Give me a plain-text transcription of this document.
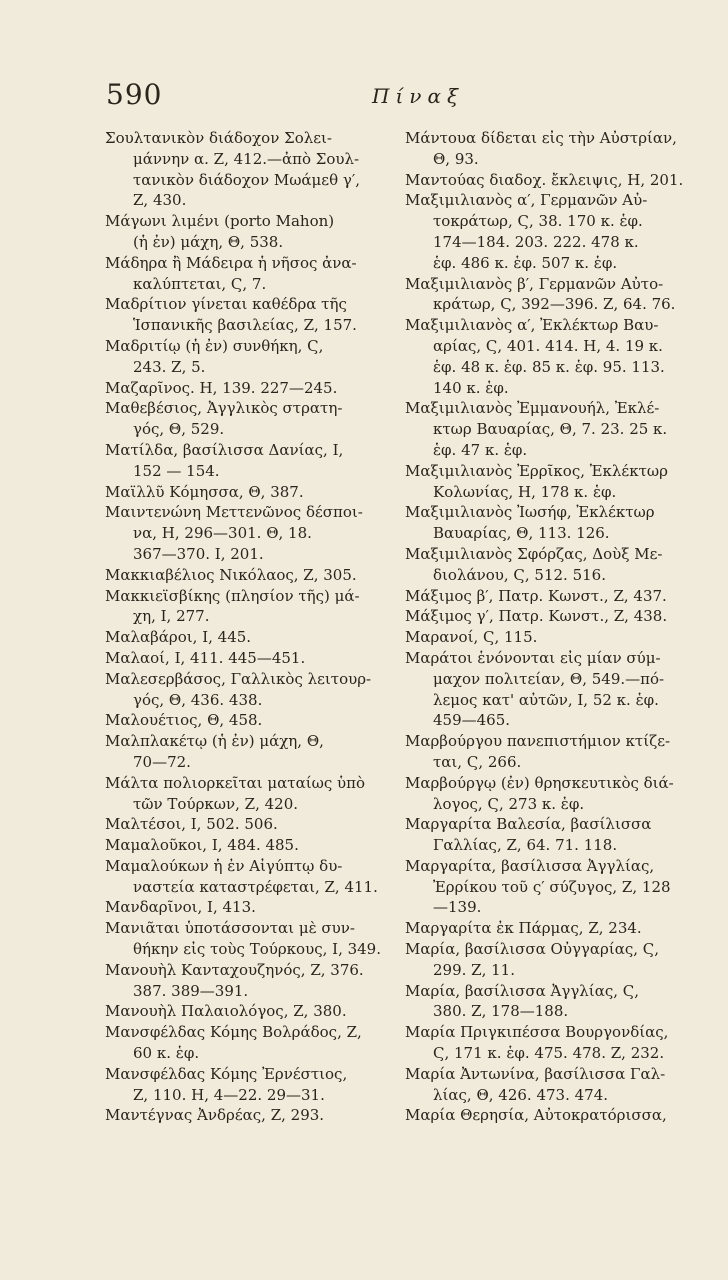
590	Πίναξ
Σουλτανικὸν διάδοχον Σολει-
μάννην α. Ζ, 412.—ἀπὸ Σουλ-
τανικὸν διάδοχον Μωάμεθ γ′,
Ζ, 430.
Μάγωνι λιμένι (porto Mahon)
(ἡ ἐν) μάχη, Θ, 538.
Μάδηρα ἢ Μάδειρα ἡ νῆσος ἀνα-
καλύπτεται, Ϛ, 7.
Μαδρίτιον γίνεται καθέδρα τῆς
Ἱσπανικῆς βασιλείας, Ζ, 157.
Μαδριτίῳ (ἡ ἐν) συνθήκη, Ϛ,
243. Ζ, 5.
Μαζαρῖνος. Η, 139. 227—245.
Μαθεβέσιος, Ἀγγλικὸς στρατη-
γός, Θ, 529.
Ματίλδα, βασίλισσα Δανίας, Ι,
152 — 154.
Μαϊλλῦ Κόμησσα, Θ, 387.
Μαιντενώνη Μεττενῶνος δέσποι-
να, Η, 296—301. Θ, 18.
367—370. Ι, 201.
Μακκιαβέλιος Νικόλαος, Ζ, 305.
Μακκιεϊσβίκης (πλησίον τῆς) μά-
χη, Ι, 277.
Μαλαβάροι, Ι, 445.
Μαλαοί, Ι, 411. 445—451.
Μαλεσερβάσος, Γαλλικὸς λειτουρ-
γός, Θ, 436. 438.
Μαλουέτιος, Θ, 458.
Μαλπλακέτῳ (ἡ ἐν) μάχη, Θ,
70—72.
Μάλτα πολιορκεῖται ματαίως ὑπὸ
τῶν Τούρκων, Ζ, 420.
Μαλτέσοι, Ι, 502. 506.
Μαμαλοῦκοι, Ι, 484. 485.
Μαμαλούκων ἡ ἐν Αἰγύπτῳ δυ-
ναστεία καταστρέφεται, Ζ, 411.
Μανδαρῖνοι, Ι, 413.
Μανιᾶται ὑποτάσσονται μὲ συν-
θήκην εἰς τοὺς Τούρκους, Ι, 349.
Μανουὴλ Κανταχουζηνός, Ζ, 376.
387. 389—391.
Μανουὴλ Παλαιολόγος, Ζ, 380.
Μανσφέλδας Κόμης Βολράδος, Ζ,
60 κ. ἑφ.
Μανσφέλδας Κόμης Ἐρνέστιος,
Ζ, 110. Η, 4—22. 29—31.
Μαντέγνας Ἀνδρέας, Ζ, 293.
Μάντουα δίδεται εἰς τὴν Αὐστρίαν,
Θ, 93.
Μαντούας διαδοχ. ἔκλειψις, Η, 201.
Μαξιμιλιανὸς α′, Γερμανῶν Αὐ-
τοκράτωρ, Ϛ, 38. 170 κ. ἑφ.
174—184. 203. 222. 478 κ.
ἑφ. 486 κ. ἑφ. 507 κ. ἑφ.
Μαξιμιλιανὸς β′, Γερμανῶν Αὐτο-
κράτωρ, Ϛ, 392—396. Ζ, 64. 76.
Μαξιμιλιανὸς α′, Ἐκλέκτωρ Βαυ-
αρίας, Ϛ, 401. 414. Η, 4. 19 κ.
ἑφ. 48 κ. ἑφ. 85 κ. ἑφ. 95. 113.
140 κ. ἑφ.
Μαξιμιλιανὸς Ἐμμανουήλ, Ἐκλέ-
κτωρ Βαυαρίας, Θ, 7. 23. 25 κ.
ἑφ. 47 κ. ἑφ.
Μαξιμιλιανὸς Ἐρρῖκος, Ἐκλέκτωρ
Κολωνίας, Η, 178 κ. ἑφ.
Μαξιμιλιανὸς Ἰωσήφ, Ἐκλέκτωρ
Βαυαρίας, Θ, 113. 126.
Μαξιμιλιανὸς Σφόρζας, Δοὺξ Με-
διολάνου, Ϛ, 512. 516.
Μάξιμος β′, Πατρ. Κωνστ., Ζ, 437.
Μάξιμος γ′, Πατρ. Κωνστ., Ζ, 438.
Μαρανοί, Ϛ, 115.
Μαράτοι ἑνόνονται εἰς μίαν σύμ-
μαχον πολιτείαν, Θ, 549.—πό-
λεμος κατ' αὐτῶν, Ι, 52 κ. ἑφ.
459—465.
Μαρβούργου πανεπιστήμιον κτίζε-
ται, Ϛ, 266.
Μαρβούργῳ (ἐν) θρησκευτικὸς διά-
λογος, Ϛ, 273 κ. ἑφ.
Μαργαρίτα Βαλεσία, βασίλισσα
Γαλλίας, Ζ, 64. 71. 118.
Μαργαρίτα, βασίλισσα Ἀγγλίας,
Ἐρρίκου τοῦ ς′ σύζυγος, Ζ, 128
—139.
Μαργαρίτα ἐκ Πάρμας, Ζ, 234.
Μαρία, βασίλισσα Οὐγγαρίας, Ϛ,
299. Ζ, 11.
Μαρία, βασίλισσα Ἀγγλίας, Ϛ,
380. Ζ, 178—188.
Μαρία Πριγκιπέσσα Βουργονδίας,
Ϛ, 171 κ. ἑφ. 475. 478. Ζ, 232.
Μαρία Ἀντωνίνα, βασίλισσα Γαλ-
λίας, Θ, 426. 473. 474.
Μαρία Θερησία, Αὐτοκρατόρισσα,
